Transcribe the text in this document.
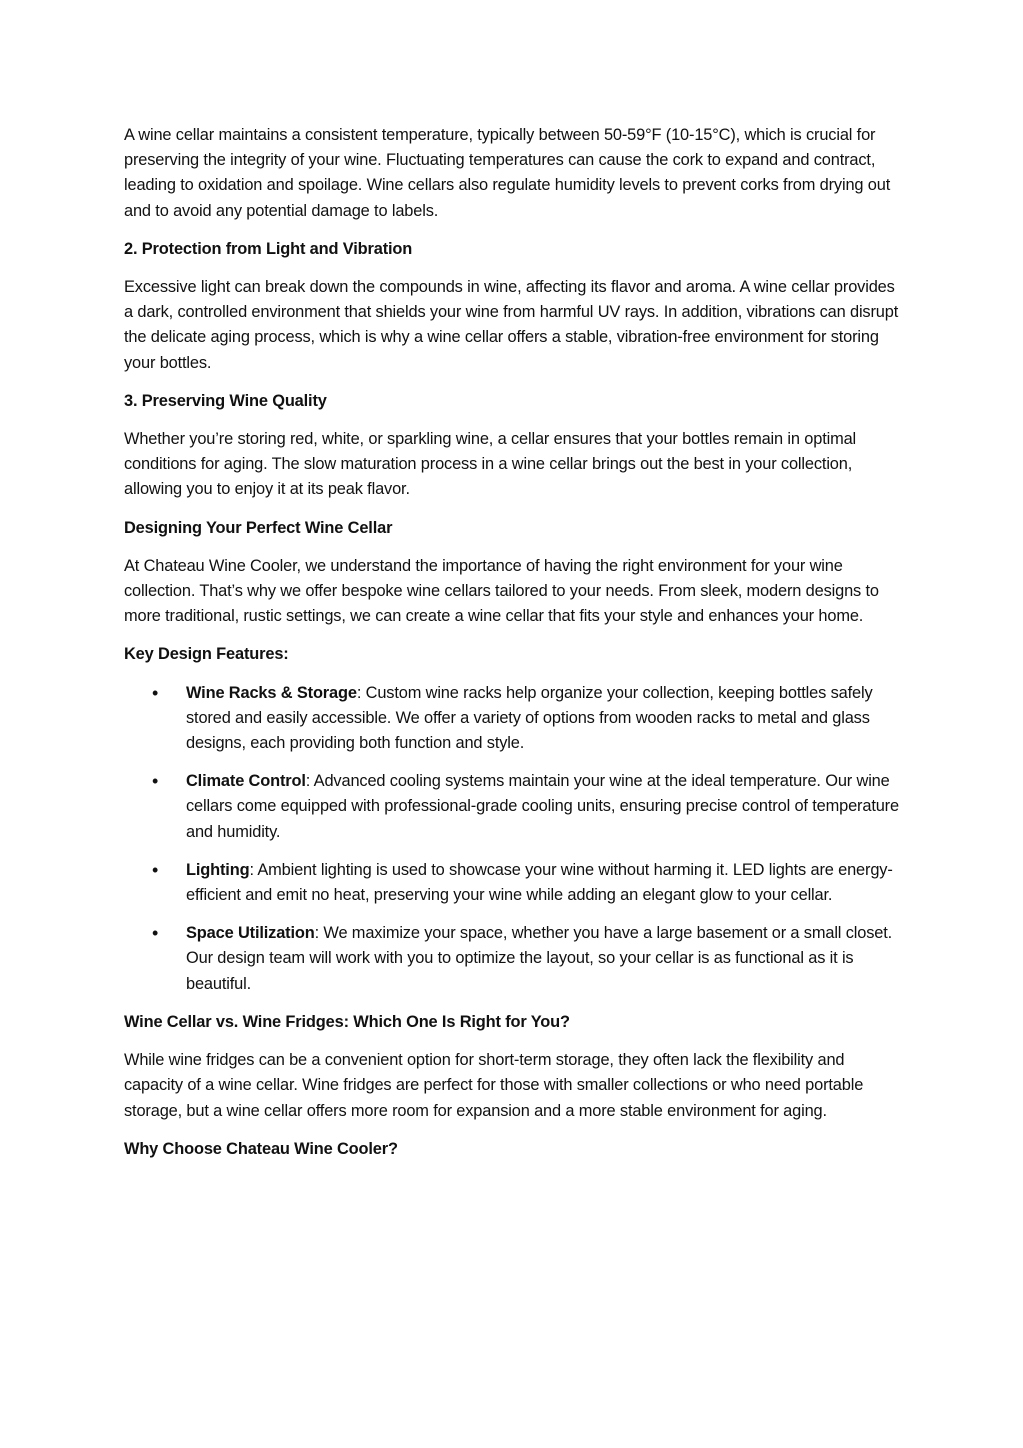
A wine cellar maintains a consistent temperature, typically between 50-59°F (10-15°C), which is crucial for preserving the integrity of your wine. Fluctuating temperatures can cause the cork to expand and contract, leading to oxidation and spoilage. Wine cellars also regulate humidity levels to prevent corks from drying out and to avoid any potential damage to labels.

2. Protection from Light and Vibration

Excessive light can break down the compounds in wine, affecting its flavor and aroma. A wine cellar provides a dark, controlled environment that shields your wine from harmful UV rays. In addition, vibrations can disrupt the delicate aging process, which is why a wine cellar offers a stable, vibration-free environment for storing your bottles.

3. Preserving Wine Quality

Whether you’re storing red, white, or sparkling wine, a cellar ensures that your bottles remain in optimal conditions for aging. The slow maturation process in a wine cellar brings out the best in your collection, allowing you to enjoy it at its peak flavor.

Designing Your Perfect Wine Cellar

At Chateau Wine Cooler, we understand the importance of having the right environment for your wine collection. That’s why we offer bespoke wine cellars tailored to your needs. From sleek, modern designs to more traditional, rustic settings, we can create a wine cellar that fits your style and enhances your home.

Key Design Features:
• Wine Racks & Storage: Custom wine racks help organize your collection, keeping bottles safely stored and easily accessible. We offer a variety of options from wooden racks to metal and glass designs, each providing both function and style.
• Climate Control: Advanced cooling systems maintain your wine at the ideal temperature. Our wine cellars come equipped with professional-grade cooling units, ensuring precise control of temperature and humidity.
• Lighting: Ambient lighting is used to showcase your wine without harming it. LED lights are energy-efficient and emit no heat, preserving your wine while adding an elegant glow to your cellar.
• Space Utilization: We maximize your space, whether you have a large basement or a small closet. Our design team will work with you to optimize the layout, so your cellar is as functional as it is beautiful.
Wine Cellar vs. Wine Fridges: Which One Is Right for You?

While wine fridges can be a convenient option for short-term storage, they often lack the flexibility and capacity of a wine cellar. Wine fridges are perfect for those with smaller collections or who need portable storage, but a wine cellar offers more room for expansion and a more stable environment for aging.

Why Choose Chateau Wine Cooler?
